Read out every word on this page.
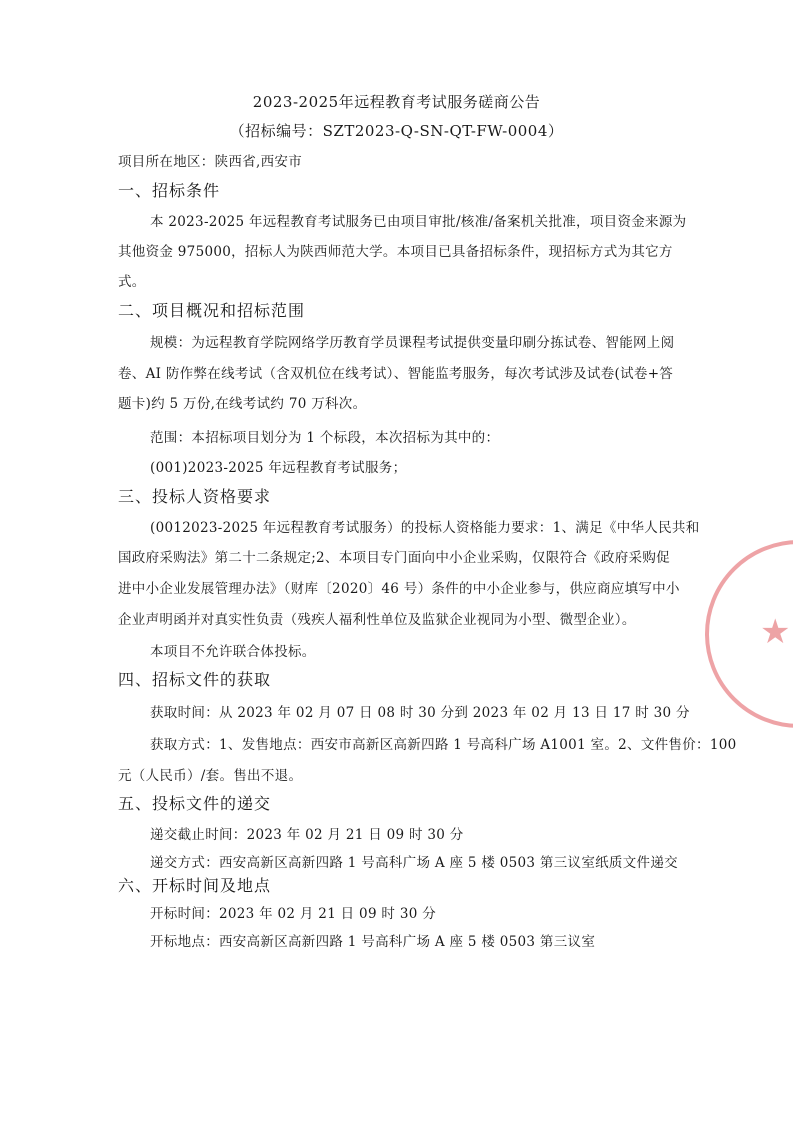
2023-2025年远程教育考试服务磋商公告
（招标编号：SZT2023-Q-SN-QT-FW-0004）
项目所在地区：陕西省,西安市
一、招标条件
本 2023-2025 年远程教育考试服务已由项目审批/核准/备案机关批准，项目资金来源为
其他资金 975000，招标人为陕西师范大学。本项目已具备招标条件，现招标方式为其它方
式。
二、项目概况和招标范围
规模：为远程教育学院网络学历教育学员课程考试提供变量印刷分拣试卷、智能网上阅
卷、AI 防作弊在线考试（含双机位在线考试）、智能监考服务，每次考试涉及试卷(试卷+答
题卡)约 5 万份,在线考试约 70 万科次。
范围：本招标项目划分为 1 个标段，本次招标为其中的：
(001)2023-2025 年远程教育考试服务；
三、投标人资格要求
(0012023-2025 年远程教育考试服务）的投标人资格能力要求：1、满足《中华人民共和
国政府采购法》第二十二条规定;2、本项目专门面向中小企业采购，仅限符合《政府采购促
进中小企业发展管理办法》（财库〔2020〕46 号）条件的中小企业参与，供应商应填写中小
企业声明函并对真实性负责（残疾人福利性单位及监狱企业视同为小型、微型企业）。
本项目不允许联合体投标。
四、招标文件的获取
获取时间：从 2023 年 02 月 07 日 08 时 30 分到 2023 年 02 月 13 日 17 时 30 分
获取方式：1、发售地点：西安市高新区高新四路 1 号高科广场 A1001 室。2、文件售价：100
元（人民币）/套。售出不退。
五、投标文件的递交
递交截止时间：2023 年 02 月 21 日 09 时 30 分
递交方式：西安高新区高新四路 1 号高科广场 A 座 5 楼 0503 第三议室纸质文件递交
六、开标时间及地点
开标时间：2023 年 02 月 21 日 09 时 30 分
开标地点：西安高新区高新四路 1 号高科广场 A 座 5 楼 0503 第三议室
★
